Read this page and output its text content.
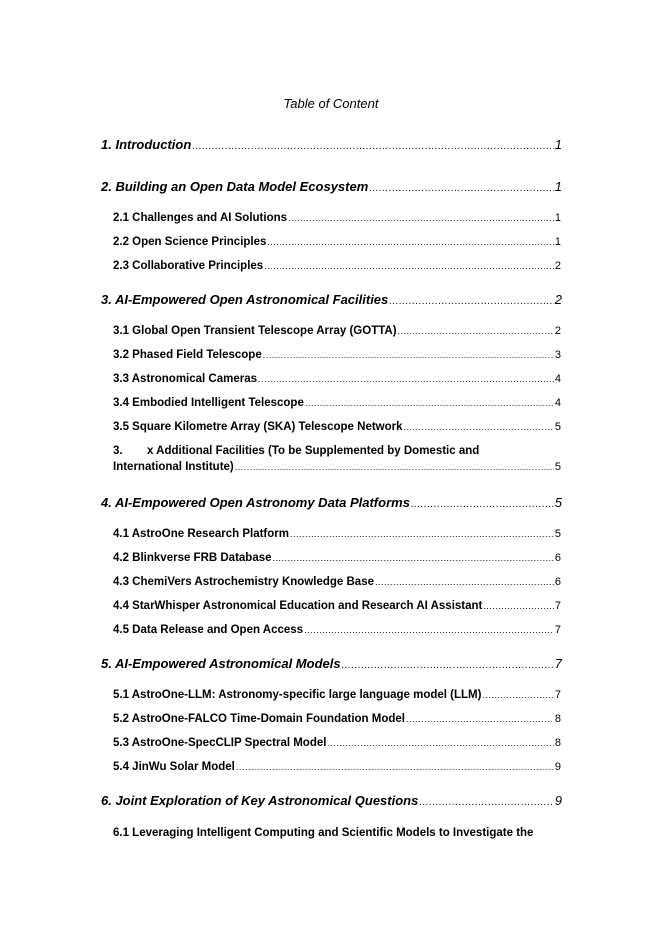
Table of Content
1. Introduction .....	1
2. Building an Open Data Model Ecosystem .....	1
2.1 Challenges and AI Solutions .....	1
2.2 Open Science Principles .....	1
2.3 Collaborative Principles .....	2
3. AI-Empowered Open Astronomical Facilities .....	2
3.1 Global Open Transient Telescope Array (GOTTA) .....	2
3.2 Phased Field Telescope .....	3
3.3 Astronomical Cameras .....	4
3.4 Embodied Intelligent Telescope .....	4
3.5 Square Kilometre Array (SKA) Telescope Network .....	5
3. x Additional Facilities (To be Supplemented by Domestic and
International Institute) .....	5
4. AI-Empowered Open Astronomy Data Platforms .....	5
4.1 AstroOne Research Platform .....	5
4.2 Blinkverse FRB Database .....	6
4.3 ChemiVers Astrochemistry Knowledge Base .....	6
4.4 StarWhisper Astronomical Education and Research AI Assistant .....	7
4.5 Data Release and Open Access .....	7
5. AI-Empowered Astronomical Models .....	7
5.1 AstroOne-LLM: Astronomy-specific large language model (LLM) .....	7
5.2 AstroOne-FALCO Time-Domain Foundation Model .....	8
5.3 AstroOne-SpecCLIP Spectral Model .....	8
5.4 JinWu Solar Model .....	9
6. Joint Exploration of Key Astronomical Questions .....	9
6.1 Leveraging Intelligent Computing and Scientific Models to Investigate the
